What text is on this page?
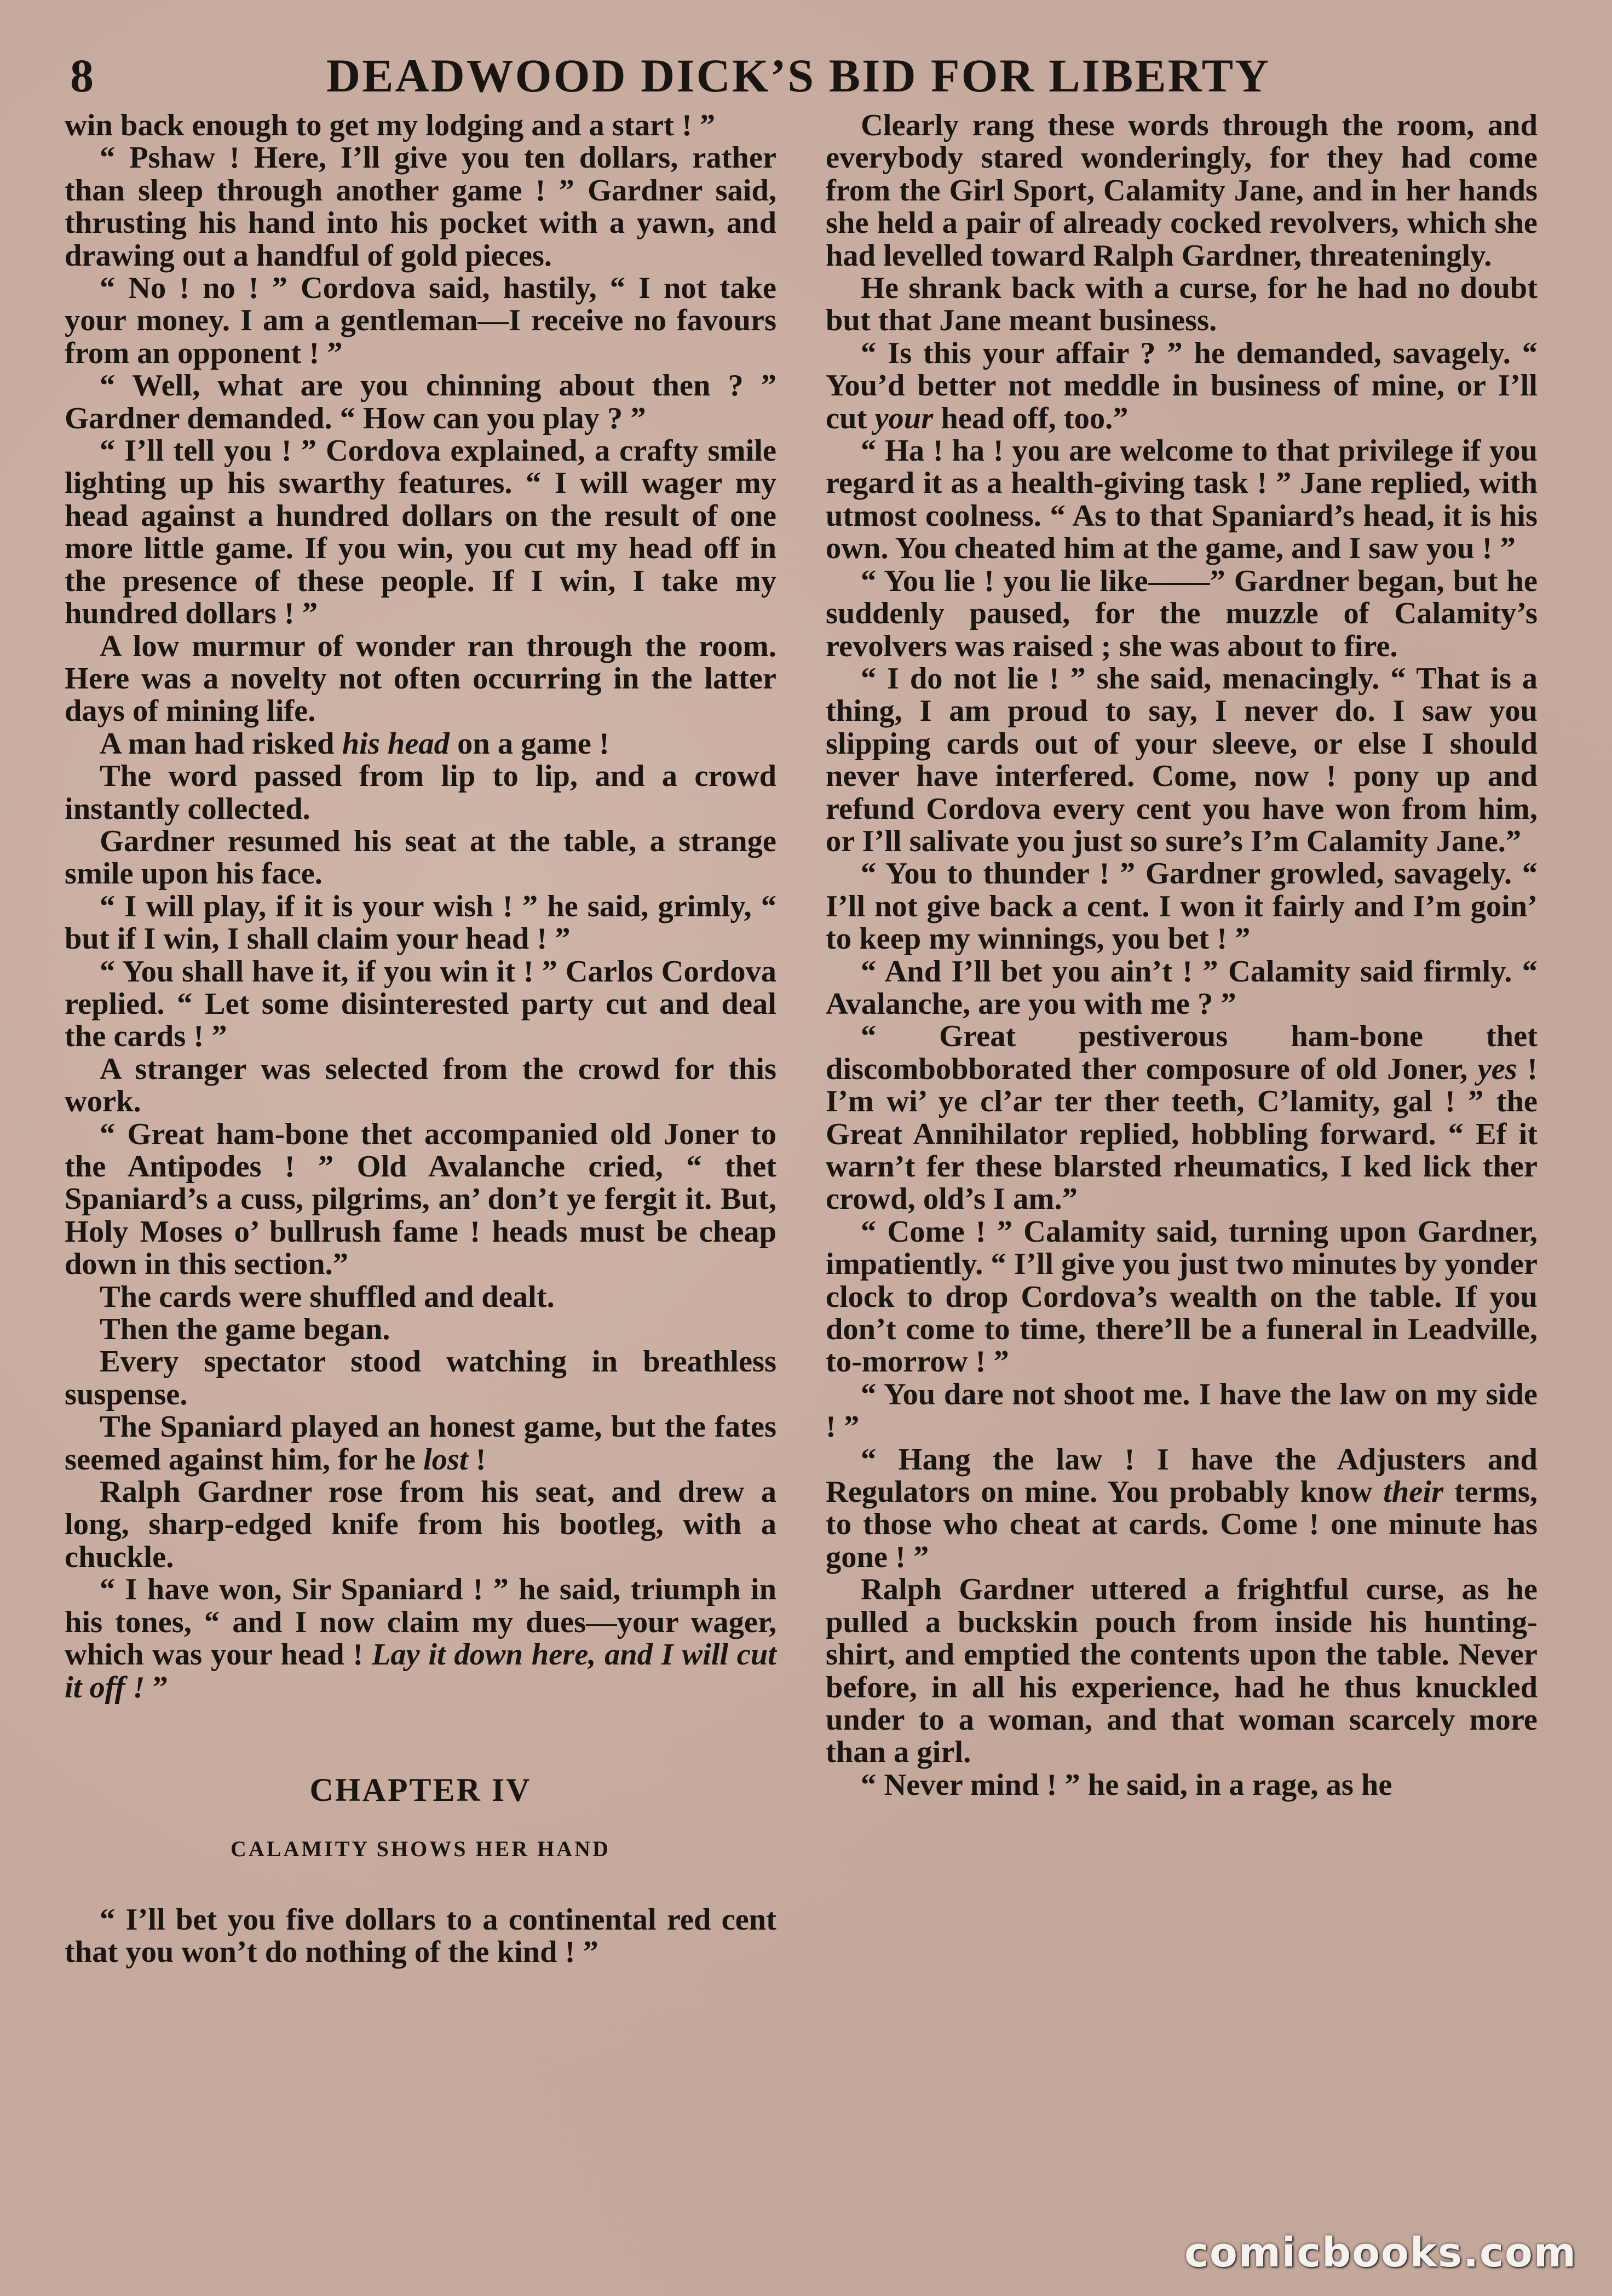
8	DEADWOOD DICK’S BID FOR LIBERTY

win back enough to get my lodging and a start ! ”

“ Pshaw ! Here, I’ll give you ten dollars, rather than sleep through another game ! ” Gardner said, thrusting his hand into his pocket with a yawn, and drawing out a handful of gold pieces.

“ No ! no ! ” Cordova said, hastily, “ I not take your money. I am a gentleman—I receive no favours from an opponent ! ”

“ Well, what are you chinning about then ? ” Gardner demanded. “ How can you play ? ”

“ I’ll tell you ! ” Cordova explained, a crafty smile lighting up his swarthy features. “ I will wager my head against a hundred dollars on the result of one more little game. If you win, you cut my head off in the presence of these people. If I win, I take my hundred dollars ! ”

A low murmur of wonder ran through the room. Here was a novelty not often occurring in the latter days of mining life.

A man had risked his head on a game !

The word passed from lip to lip, and a crowd instantly collected.

Gardner resumed his seat at the table, a strange smile upon his face.

“ I will play, if it is your wish ! ” he said, grimly, “ but if I win, I shall claim your head ! ”

“ You shall have it, if you win it ! ” Carlos Cordova replied. “ Let some disinterested party cut and deal the cards ! ”

A stranger was selected from the crowd for this work.

“ Great ham-bone thet accompanied old Joner to the Antipodes ! ” Old Avalanche cried, “ thet Spaniard’s a cuss, pilgrims, an’ don’t ye fergit it. But, Holy Moses o’ bullrush fame ! heads must be cheap down in this section.”

The cards were shuffled and dealt.

Then the game began.

Every spectator stood watching in breathless suspense.

The Spaniard played an honest game, but the fates seemed against him, for he lost !

Ralph Gardner rose from his seat, and drew a long, sharp-edged knife from his bootleg, with a chuckle.

“ I have won, Sir Spaniard ! ” he said, triumph in his tones, “ and I now claim my dues—your wager, which was your head ! Lay it down here, and I will cut it off ! ”

CHAPTER IV
CALAMITY SHOWS HER HAND

“ I’ll bet you five dollars to a continental red cent that you won’t do nothing of the kind ! ”

Clearly rang these words through the room, and everybody stared wonderingly, for they had come from the Girl Sport, Calamity Jane, and in her hands she held a pair of already cocked revolvers, which she had levelled toward Ralph Gardner, threateningly.

He shrank back with a curse, for he had no doubt but that Jane meant business.

“ Is this your affair ? ” he demanded, savagely. “ You’d better not meddle in business of mine, or I’ll cut your head off, too.”

“ Ha ! ha ! you are welcome to that privilege if you regard it as a health-giving task ! ” Jane replied, with utmost coolness. “ As to that Spaniard’s head, it is his own. You cheated him at the game, and I saw you ! ”

“ You lie ! you lie like——” Gardner began, but he suddenly paused, for the muzzle of Calamity’s revolvers was raised ; she was about to fire.

“ I do not lie ! ” she said, menacingly. “ That is a thing, I am proud to say, I never do. I saw you slipping cards out of your sleeve, or else I should never have interfered. Come, now ! pony up and refund Cordova every cent you have won from him, or I’ll salivate you just so sure’s I’m Calamity Jane.”

“ You to thunder ! ” Gardner growled, savagely. “ I’ll not give back a cent. I won it fairly and I’m goin’ to keep my winnings, you bet ! ”

“ And I’ll bet you ain’t ! ” Calamity said firmly. “ Avalanche, are you with me ? ”

“ Great pestiverous ham-bone thet discombobborated ther composure of old Joner, yes ! I’m wi’ ye cl’ar ter ther teeth, C’lamity, gal ! ” the Great Annihilator replied, hobbling forward. “ Ef it warn’t fer these blarsted rheumatics, I ked lick ther crowd, old’s I am.”

“ Come ! ” Calamity said, turning upon Gardner, impatiently. “ I’ll give you just two minutes by yonder clock to drop Cordova’s wealth on the table. If you don’t come to time, there’ll be a funeral in Leadville, to-morrow ! ”

“ You dare not shoot me. I have the law on my side ! ”

“ Hang the law ! I have the Adjusters and Regulators on mine. You probably know their terms, to those who cheat at cards. Come ! one minute has gone ! ”

Ralph Gardner uttered a frightful curse, as he pulled a buckskin pouch from inside his hunting-shirt, and emptied the contents upon the table. Never before, in all his experience, had he thus knuckled under to a woman, and that woman scarcely more than a girl.

“ Never mind ! ” he said, in a rage, as he

comicbooks.com
